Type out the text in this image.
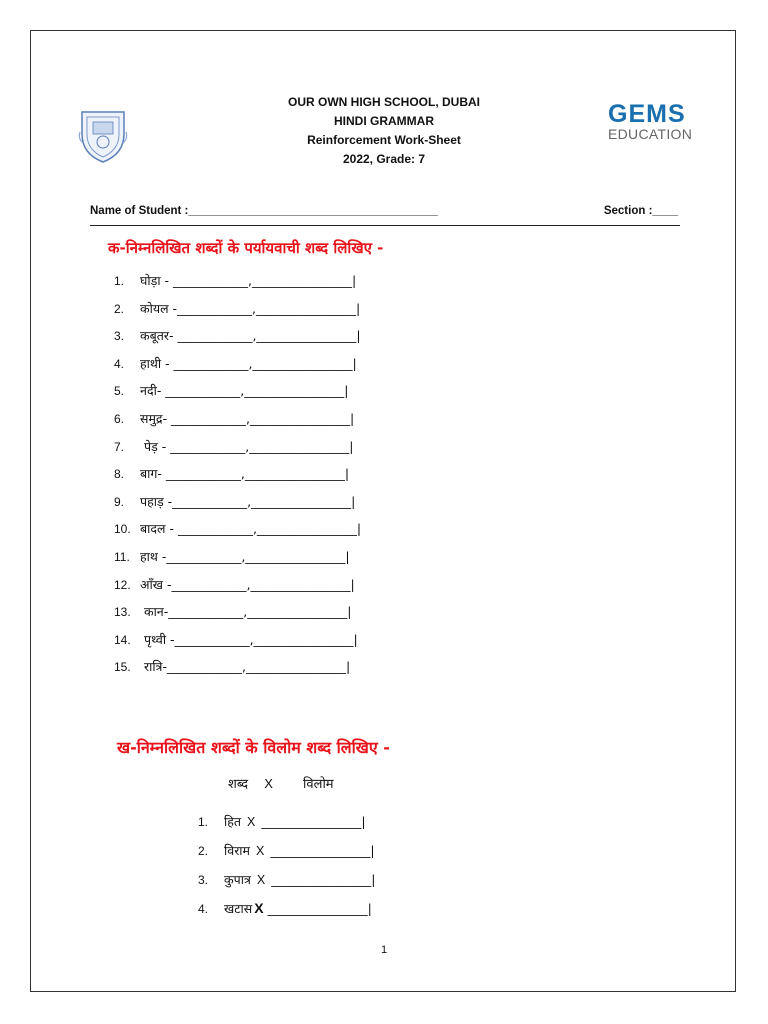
OUR OWN HIGH SCHOOL, DUBAI
HINDI GRAMMAR
Reinforcement Work-Sheet
2022, Grade: 7
GEMS
EDUCATION
Name of Student :_______________________________________	Section :____
क-निम्नलिखित शब्दों के पर्यायवाची शब्द लिखिए -
1. घोड़ा - ____________,________________|
2. कोयल -____________,________________|
3. कबूतर- ____________,________________|
4. हाथी - ____________,________________|
5. नदी- ____________,________________|
6. समुद्र- ____________,________________|
7. पेड़ - ____________,________________|
8. बाग- ____________,________________|
9. पहाड़ -____________,________________|
10. बादल - ____________,________________|
11. हाथ -____________,________________|
12. आँख -____________,________________|
13. कान-____________,________________|
14. पृथ्वी -____________,________________|
15. रात्रि-____________,________________|
ख-निम्नलिखित शब्दों के विलोम शब्द लिखिए -
शब्द X विलोम
1. हित X ________________|
2. विराम X ________________|
3. कुपात्र X ________________|
4. खटास X ________________|
1
